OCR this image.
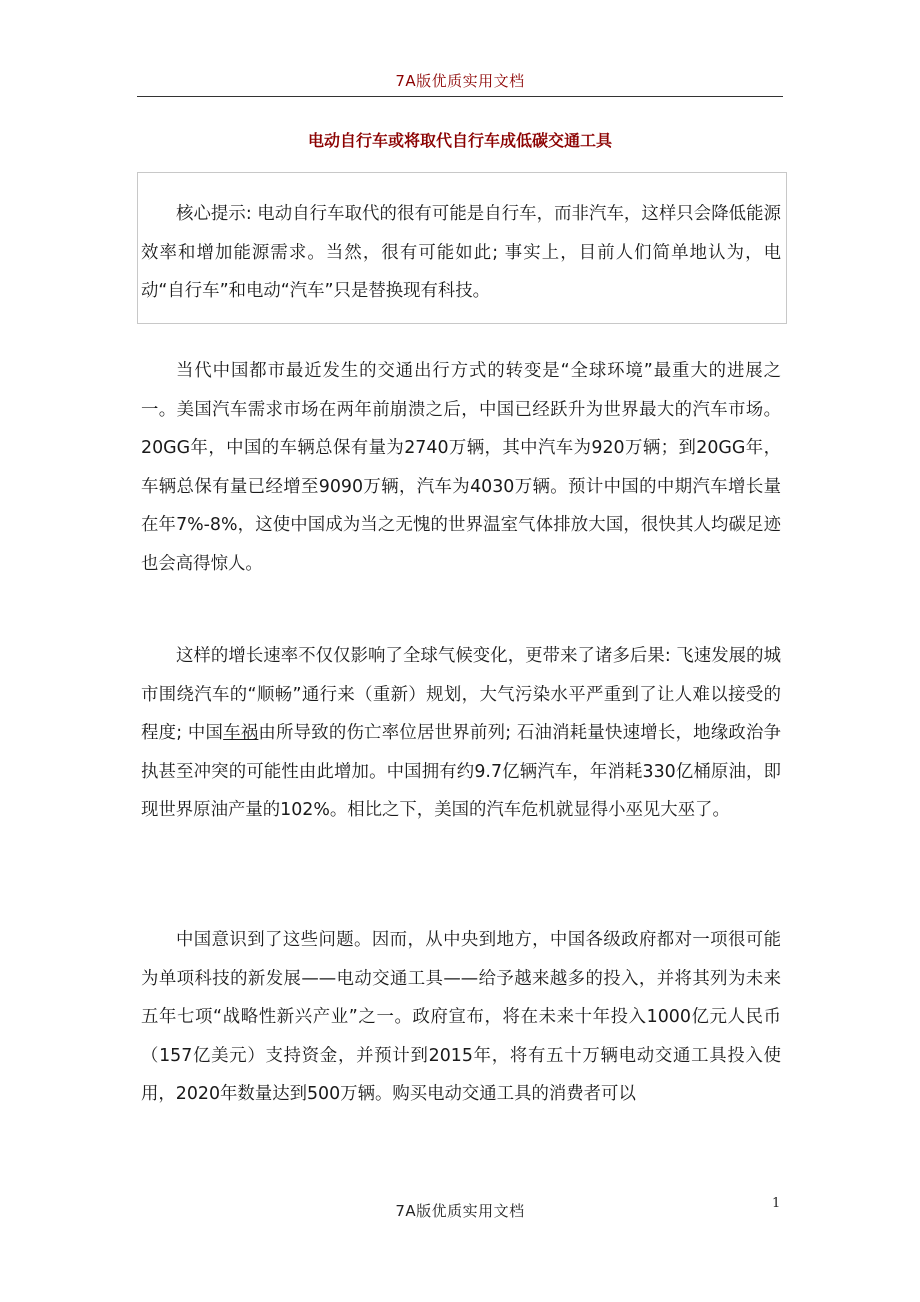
7A版优质实用文档
电动自行车或将取代自行车成低碳交通工具

核心提示: 电动自行车取代的很有可能是自行车，而非汽车，这样只会降低能源效率和增加能源需求。当然，很有可能如此; 事实上，目前人们简单地认为，电动“自行车”和电动“汽车”只是替换现有科技。

当代中国都市最近发生的交通出行方式的转变是“全球环境”最重大的进展之一。美国汽车需求市场在两年前崩溃之后，中国已经跃升为世界最大的汽车市场。20GG年，中国的车辆总保有量为2740万辆，其中汽车为920万辆；到20GG年，车辆总保有量已经增至9090万辆，汽车为4030万辆。预计中国的中期汽车增长量在年7%-8%，这使中国成为当之无愧的世界温室气体排放大国，很快其人均碳足迹也会高得惊人。

这样的增长速率不仅仅影响了全球气候变化，更带来了诸多后果: 飞速发展的城市围绕汽车的“顺畅”通行来（重新）规划，大气污染水平严重到了让人难以接受的程度; 中国车祸由所导致的伤亡率位居世界前列; 石油消耗量快速增长，地缘政治争执甚至冲突的可能性由此增加。中国拥有约9.7亿辆汽车，年消耗330亿桶原油，即现世界原油产量的102%。相比之下，美国的汽车危机就显得小巫见大巫了。

中国意识到了这些问题。因而，从中央到地方，中国各级政府都对一项很可能为单项科技的新发展——电动交通工具——给予越来越多的投入，并将其列为未来五年七项“战略性新兴产业”之一。政府宣布，将在未来十年投入1000亿元人民币（157亿美元）支持资金，并预计到2015年，将有五十万辆电动交通工具投入使用，2020年数量达到500万辆。购买电动交通工具的消费者可以

1
7A版优质实用文档
